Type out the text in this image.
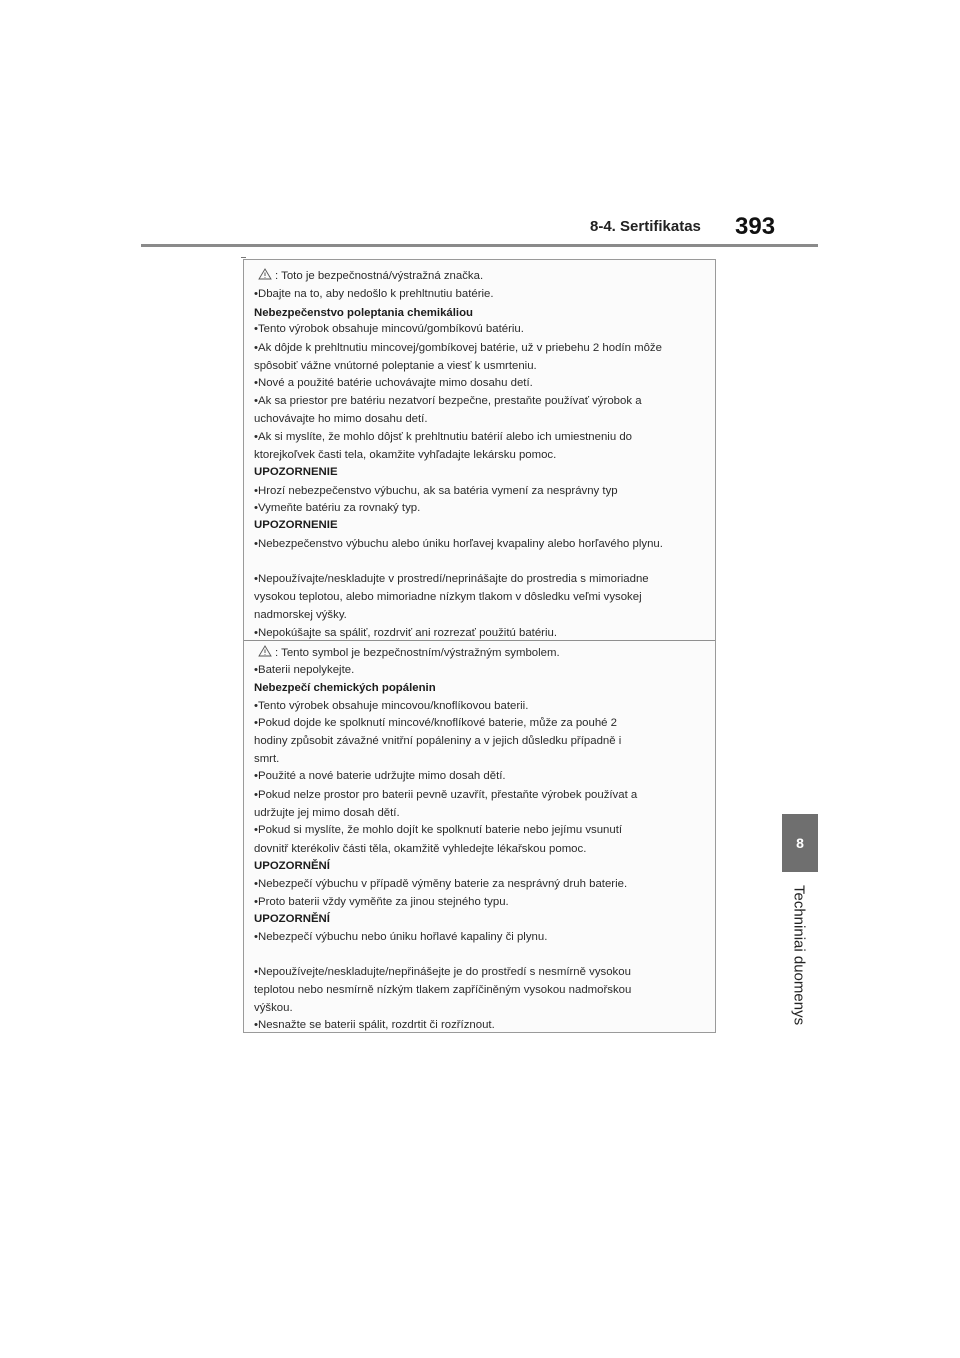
8-4. Sertifikatas 393
8
Techniniai duomenys
: Toto je bezpečnostná/výstražná značka.
•Dbajte na to, aby nedošlo k prehltnutiu batérie.
Nebezpečenstvo poleptania chemikáliou
•Tento výrobok obsahuje mincovú/gombíkovú batériu.
•Ak dôjde k prehltnutiu mincovej/gombíkovej batérie, už v priebehu 2 hodín môže
spôsobiť vážne vnútorné poleptanie a viesť k usmrteniu.
•Nové a použité batérie uchovávajte mimo dosahu detí.
•Ak sa priestor pre batériu nezatvorí bezpečne, prestaňte používať výrobok a
uchovávajte ho mimo dosahu detí.
•Ak si myslíte, že mohlo dôjsť k prehltnutiu batérií alebo ich umiestneniu do
ktorejkoľvek časti tela, okamžite vyhľadajte lekársku pomoc.
UPOZORNENIE
•Hrozí nebezpečenstvo výbuchu, ak sa batéria vymení za nesprávny typ
•Vymeňte batériu za rovnaký typ.
UPOZORNENIE
•Nebezpečenstvo výbuchu alebo úniku horľavej kvapaliny alebo horľavého plynu.
•Nepoužívajte/neskladujte v prostredí/neprinášajte do prostredia s mimoriadne
vysokou teplotou, alebo mimoriadne nízkym tlakom v dôsledku veľmi vysokej
nadmorskej výšky.
•Nepokúšajte sa spáliť, rozdrviť ani rozrezať použitú batériu.
: Tento symbol je bezpečnostním/výstražným symbolem.
•Baterii nepolykejte.
Nebezpečí chemických popálenin
•Tento výrobek obsahuje mincovou/knoflíkovou baterii.
•Pokud dojde ke spolknutí mincové/knoflíkové baterie, může za pouhé 2
hodiny způsobit závažné vnitřní popáleniny a v jejich důsledku případně i
smrt.
•Použité a nové baterie udržujte mimo dosah dětí.
•Pokud nelze prostor pro baterii pevně uzavřít, přestaňte výrobek používat a
udržujte jej mimo dosah dětí.
•Pokud si myslíte, že mohlo dojít ke spolknutí baterie nebo jejímu vsunutí
dovnitř kterékoliv části těla, okamžitě vyhledejte lékařskou pomoc.
UPOZORNĚNÍ
•Nebezpečí výbuchu v případě výměny baterie za nesprávný druh baterie.
•Proto baterii vždy vyměňte za jinou stejného typu.
UPOZORNĚNÍ
•Nebezpečí výbuchu nebo úniku hořlavé kapaliny či plynu.
•Nepoužívejte/neskladujte/nepřinášejte je do prostředí s nesmírně vysokou
teplotou nebo nesmírně nízkým tlakem zapříčiněným vysokou nadmořskou
výškou.
•Nesnažte se baterii spálit, rozdrtit či rozříznout.
